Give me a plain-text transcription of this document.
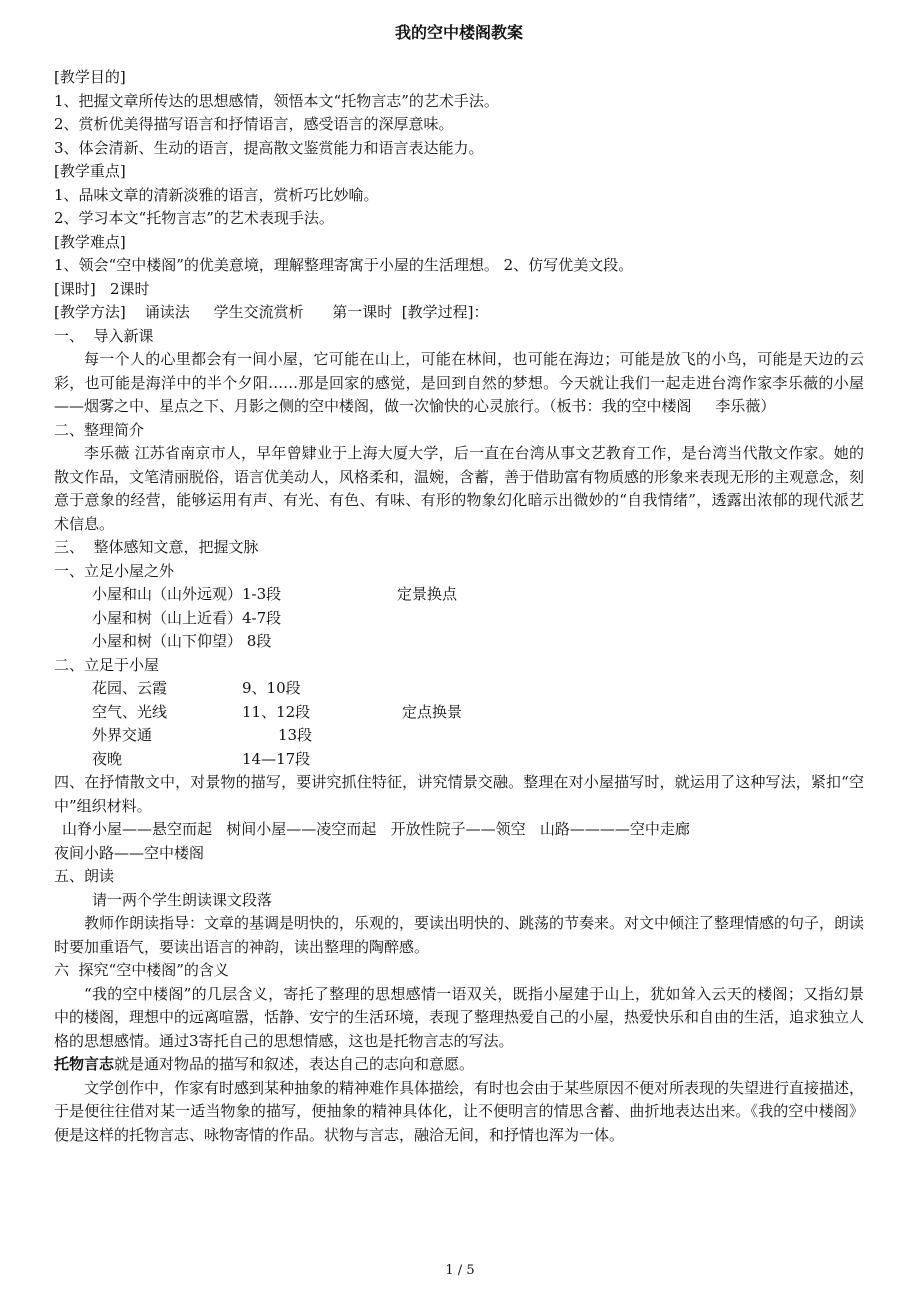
我的空中楼阁教案
[教学目的]
1、把握文章所传达的思想感情，领悟本文“托物言志”的艺术手法。
2、赏析优美得描写语言和抒情语言，感受语言的深厚意味。
3、体会清新、生动的语言，提高散文鉴赏能力和语言表达能力。
[教学重点]
1、品味文章的清新淡雅的语言，赏析巧比妙喻。
2、学习本文“托物言志”的艺术表现手法。
[教学难点]
1、领会“空中楼阁”的优美意境，理解整理寄寓于小屋的生活理想。 2、仿写优美文段。
[课时]   2课时
[教学方法]    诵读法     学生交流赏析      第一课时  [教学过程]：
一、  导入新课
每一个人的心里都会有一间小屋，它可能在山上，可能在林间，也可能在海边；可能是放飞的小鸟，可能是天边的云彩，也可能是海洋中的半个夕阳……那是回家的感觉，是回到自然的梦想。今天就让我们一起走进台湾作家李乐薇的小屋——烟雾之中、星点之下、月影之侧的空中楼阁，做一次愉快的心灵旅行。（板书：我的空中楼阁     李乐薇）
二、整理简介
李乐薇 江苏省南京市人，早年曾肄业于上海大厦大学，后一直在台湾从事文艺教育工作，是台湾当代散文作家。她的散文作品，文笔清丽脱俗，语言优美动人，风格柔和，温婉，含蓄，善于借助富有物质感的形象来表现无形的主观意念，刻意于意象的经营，能够运用有声、有光、有色、有味、有形的物象幻化暗示出微妙的“自我情绪”，透露出浓郁的现代派艺术信息。
三、  整体感知文意，把握文脉
一、立足小屋之外
小屋和山（山外远观）1-3段	定景换点
小屋和树（山上近看）4-7段
小屋和树（山下仰望） 8段
二、立足于小屋
花园、云霞	9、10段
空气、光线	11、12段	定点换景
外界交通	13段
夜晚	14—17段
四、在抒情散文中，对景物的描写，要讲究抓住特征，讲究情景交融。整理在对小屋描写时，就运用了这种写法，紧扣“空中”组织材料。
山脊小屋——悬空而起   树间小屋——凌空而起   开放性院子——领空   山路————空中走廊
夜间小路——空中楼阁
五、朗读
请一两个学生朗读课文段落
教师作朗读指导：文章的基调是明快的，乐观的，要读出明快的、跳荡的节奏来。对文中倾注了整理情感的句子，朗读时要加重语气，要读出语言的神韵，读出整理的陶醉感。
六  探究“空中楼阁”的含义
“我的空中楼阁”的几层含义，寄托了整理的思想感情一语双关，既指小屋建于山上，犹如耸入云天的楼阁；又指幻景中的楼阁，理想中的远离喧嚣，恬静、安宁的生活环境，表现了整理热爱自己的小屋，热爱快乐和自由的生活，追求独立人格的思想感情。通过3寄托自己的思想情感，这也是托物言志的写法。
托物言志就是通对物品的描写和叙述，表达自己的志向和意愿。
文学创作中，作家有时感到某种抽象的精神难作具体描绘，有时也会由于某些原因不便对所表现的失望进行直接描述，于是便往往借对某一适当物象的描写，便抽象的精神具体化，让不便明言的情思含蓄、曲折地表达出来。《我的空中楼阁》便是这样的托物言志、咏物寄情的作品。状物与言志，融洽无间，和抒情也浑为一体。
1 / 5
